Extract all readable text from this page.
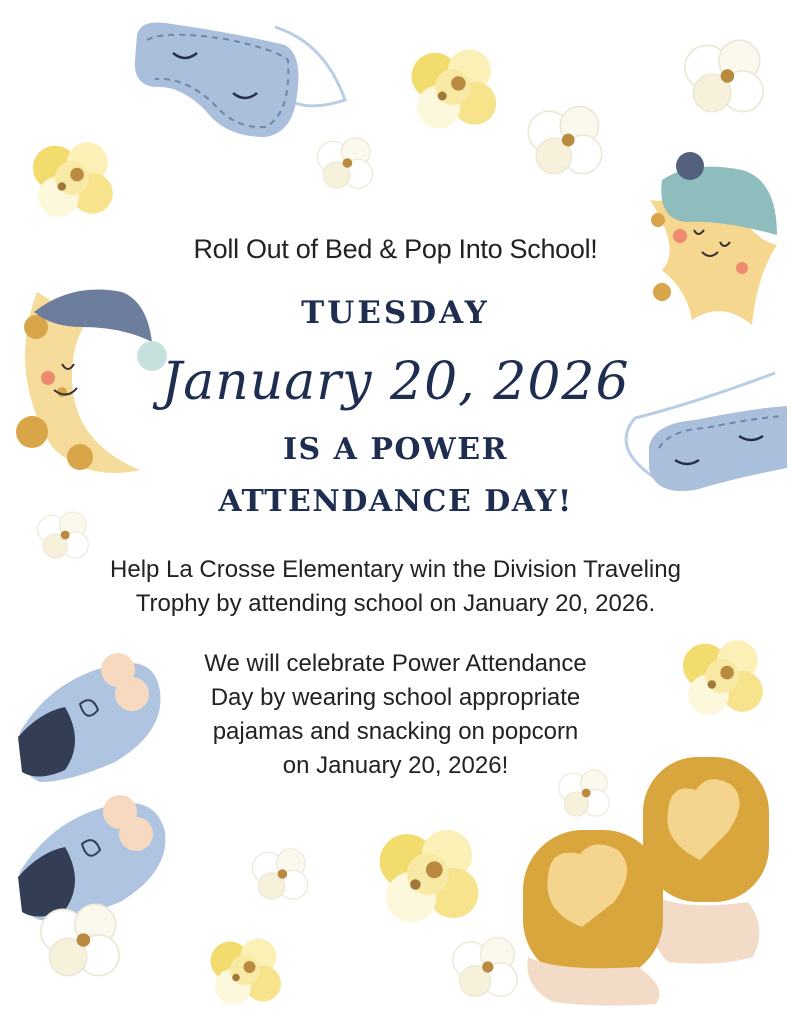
Roll Out of Bed & Pop Into School!
TUESDAY
January 20, 2026
IS A POWER
ATTENDANCE DAY!
Help La Crosse Elementary win the Division Traveling
Trophy by attending school on January 20, 2026.
We will celebrate Power Attendance
Day by wearing school appropriate
pajamas and snacking on popcorn
on January 20, 2026!
